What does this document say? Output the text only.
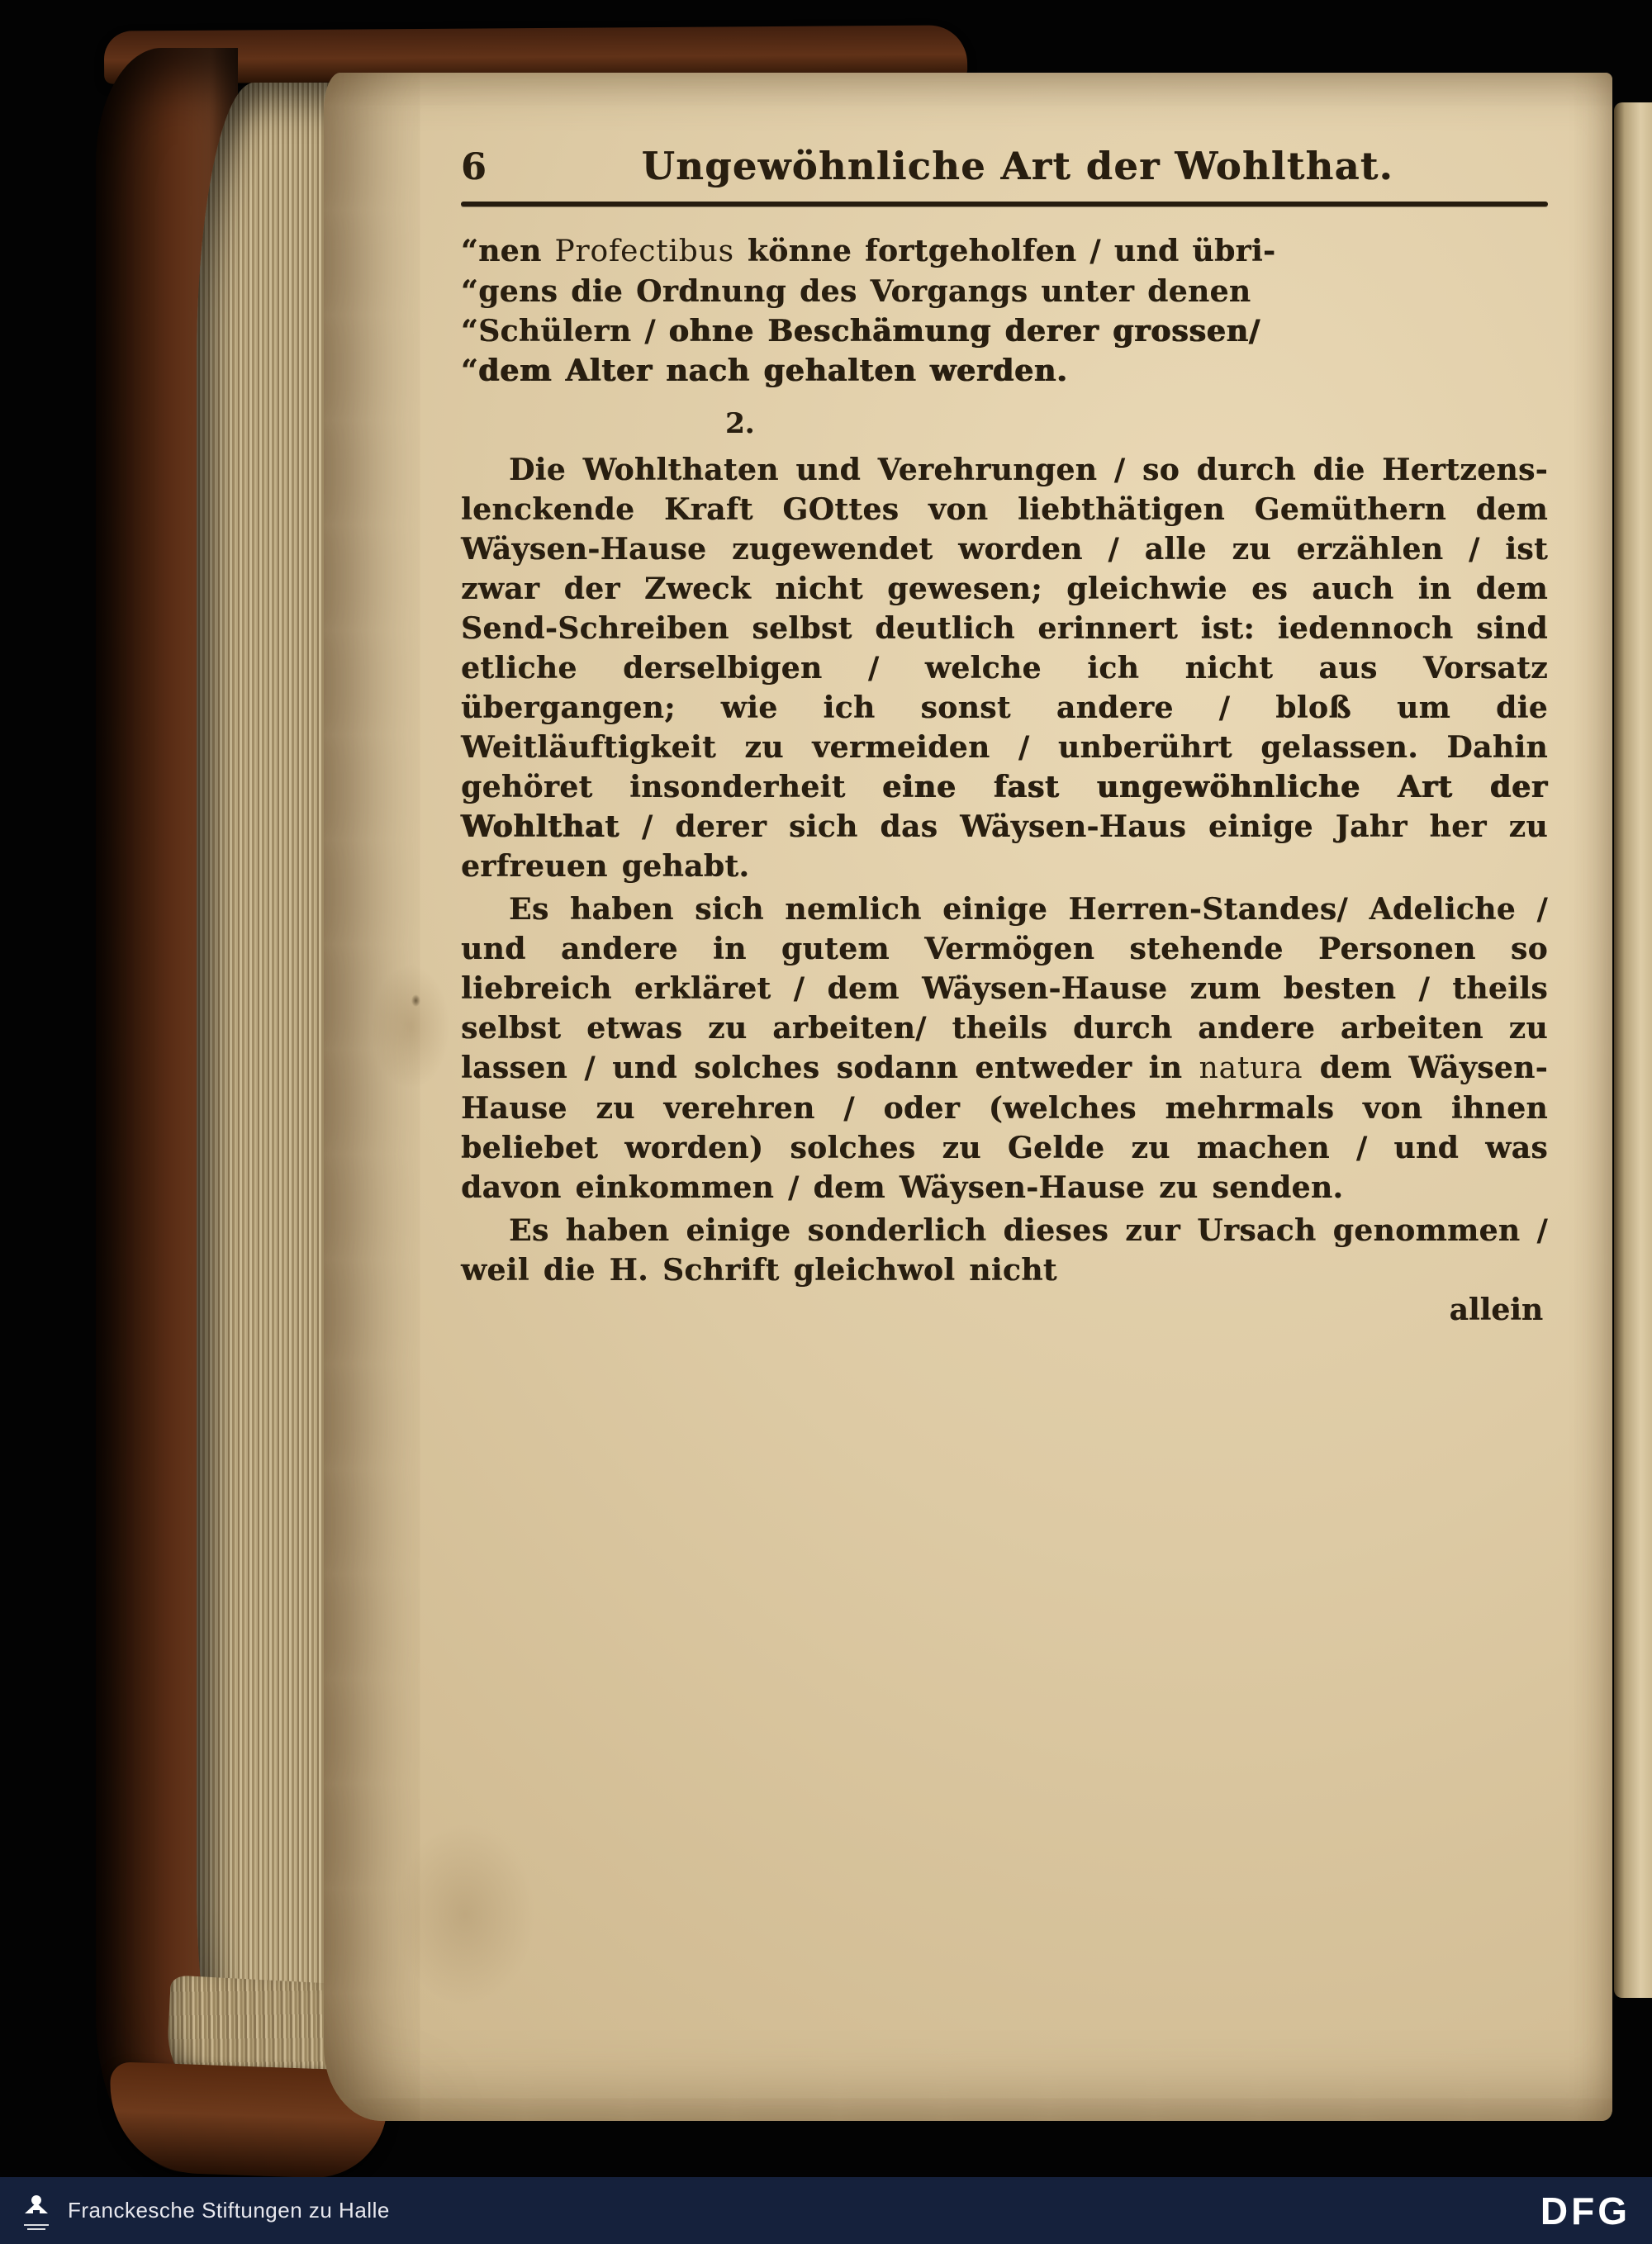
6	Ungewöhnliche Art der Wohlthat.
“nen Profectibus könne fortgeholfen / und übri-
“gens die Ordnung des Vorgangs unter denen
“Schülern / ohne Beschämung derer grossen/
“dem Alter nach gehalten werden.
2.

Die Wohlthaten und Verehrungen / so durch die Hertzens-lenckende Kraft GOttes von liebthätigen Gemüthern dem Wäysen-Hause zugewendet worden / alle zu erzählen / ist zwar der Zweck nicht gewesen; gleichwie es auch in dem Send-Schreiben selbst deutlich erinnert ist: iedennoch sind etliche derselbigen / welche ich nicht aus Vorsatz übergangen; wie ich sonst andere / bloß um die Weitläuftigkeit zu vermeiden / unberührt gelassen. Dahin gehöret insonderheit eine fast ungewöhnliche Art der Wohlthat / derer sich das Wäysen-Haus einige Jahr her zu erfreuen gehabt.

Es haben sich nemlich einige Herren-Standes/ Adeliche / und andere in gutem Vermögen stehende Personen so liebreich erkläret / dem Wäysen-Hause zum besten / theils selbst etwas zu arbeiten/ theils durch andere arbeiten zu lassen / und solches sodann entweder in natura dem Wäysen-Hause zu verehren / oder (welches mehrmals von ihnen beliebet worden) solches zu Gelde zu machen / und was davon einkommen / dem Wäysen-Hause zu senden.

Es haben einige sonderlich dieses zur Ursach genommen / weil die H. Schrift gleichwol nicht

allein
Franckesche Stiftungen zu Halle	DFG
